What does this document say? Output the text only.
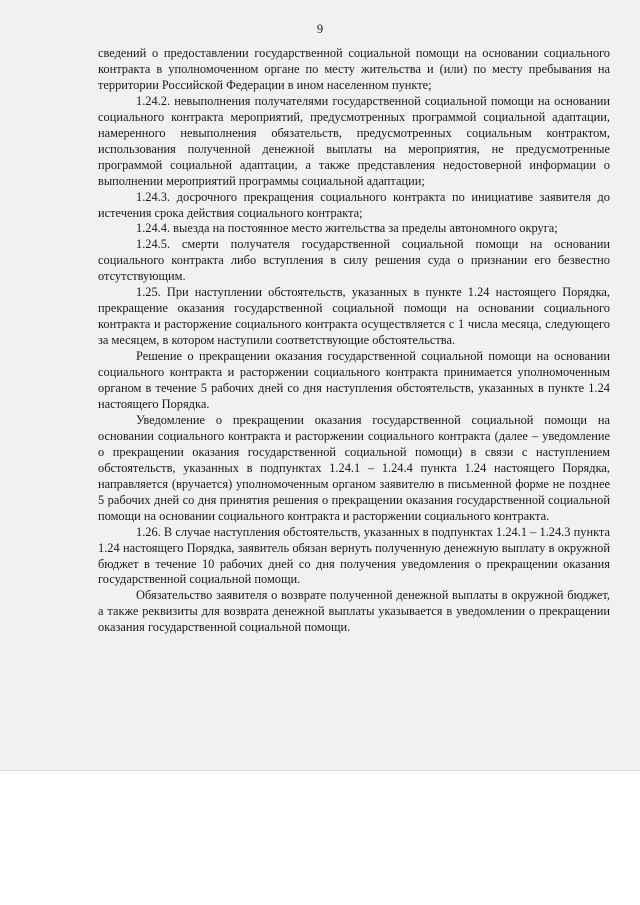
9

сведений о предоставлении государственной социальной помощи на основании социального контракта в уполномоченном органе по месту жительства и (или) по месту пребывания на территории Российской Федерации в ином населенном пункте;

1.24.2. невыполнения получателями государственной социальной помощи на основании социального контракта мероприятий, предусмотренных программой социальной адаптации, намеренного невыполнения обязательств, предусмотренных социальным контрактом, использования полученной денежной выплаты на мероприятия, не предусмотренные программой социальной адаптации, а также представления недостоверной информации о выполнении мероприятий программы социальной адаптации;

1.24.3. досрочного прекращения социального контракта по инициативе заявителя до истечения срока действия социального контракта;

1.24.4. выезда на постоянное место жительства за пределы автономного округа;

1.24.5. смерти получателя государственной социальной помощи на основании социального контракта либо вступления в силу решения суда о признании его безвестно отсутствующим.

1.25. При наступлении обстоятельств, указанных в пункте 1.24 настоящего Порядка, прекращение оказания государственной социальной помощи на основании социального контракта и расторжение социального контракта осуществляется с 1 числа месяца, следующего за месяцем, в котором наступили соответствующие обстоятельства.

Решение о прекращении оказания государственной социальной помощи на основании социального контракта и расторжении социального контракта принимается уполномоченным органом в течение 5 рабочих дней со дня наступления обстоятельств, указанных в пункте 1.24 настоящего Порядка.

Уведомление о прекращении оказания государственной социальной помощи на основании социального контракта и расторжении социального контракта (далее – уведомление о прекращении оказания государственной социальной помощи) в связи с наступлением обстоятельств, указанных в подпунктах 1.24.1 – 1.24.4 пункта 1.24 настоящего Порядка, направляется (вручается) уполномоченным органом заявителю в письменной форме не позднее 5 рабочих дней со дня принятия решения о прекращении оказания государственной социальной помощи на основании социального контракта и расторжении социального контракта.

1.26. В случае наступления обстоятельств, указанных в подпунктах 1.24.1 – 1.24.3 пункта 1.24 настоящего Порядка, заявитель обязан вернуть полученную денежную выплату в окружной бюджет в течение 10 рабочих дней со дня получения уведомления о прекращении оказания государственной социальной помощи.

Обязательство заявителя о возврате полученной денежной выплаты в окружной бюджет, а также реквизиты для возврата денежной выплаты указывается в уведомлении о прекращении оказания государственной социальной помощи.
